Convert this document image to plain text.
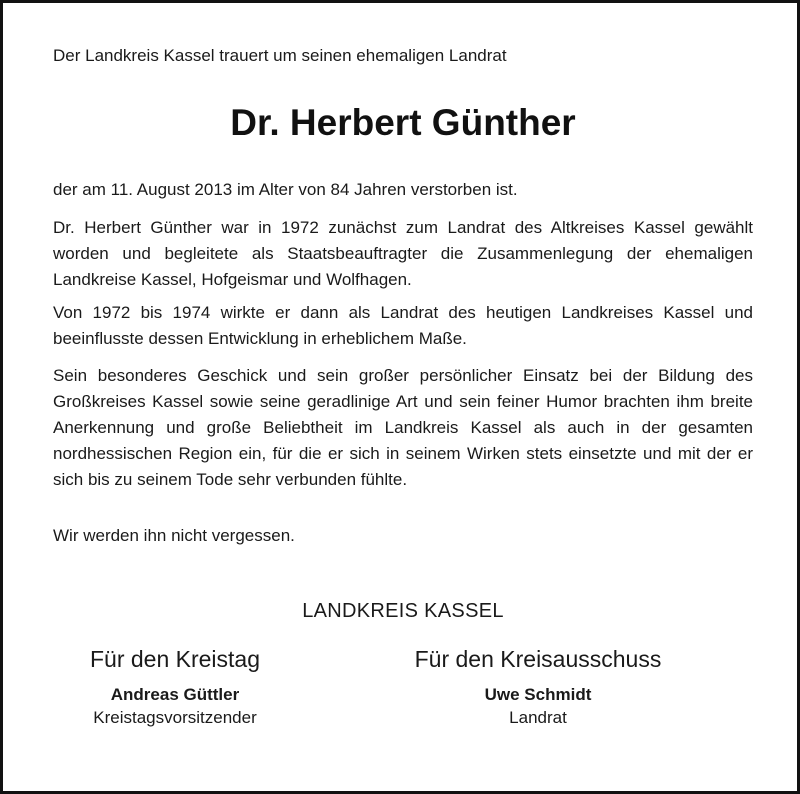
Der Landkreis Kassel trauert um seinen ehemaligen Landrat
Dr. Herbert Günther
der am 11. August 2013 im Alter von 84 Jahren verstorben ist.
Dr. Herbert Günther war in 1972 zunächst zum Landrat des Altkreises Kassel gewählt worden und begleitete als Staatsbeauftragter die Zusammenlegung der ehemaligen Landkreise Kassel, Hofgeismar und Wolfhagen.
Von 1972 bis 1974 wirkte er dann als Landrat des heutigen Landkreises Kassel und beeinflusste dessen Entwicklung in erheblichem Maße.
Sein besonderes Geschick und sein großer persönlicher Einsatz bei der Bildung des Großkreises Kassel sowie seine geradlinige Art und sein feiner Humor brachten ihm breite Anerkennung und große Beliebtheit im Landkreis Kassel als auch in der gesamten nordhessischen Region ein, für die er sich in seinem Wirken stets einsetzte und mit der er sich bis zu seinem Tode sehr verbunden fühlte.
Wir werden ihn nicht vergessen.
LANDKREIS KASSEL
Für den Kreistag
Andreas Güttler
Kreistagsvorsitzender
Für den Kreisausschuss
Uwe Schmidt
Landrat
